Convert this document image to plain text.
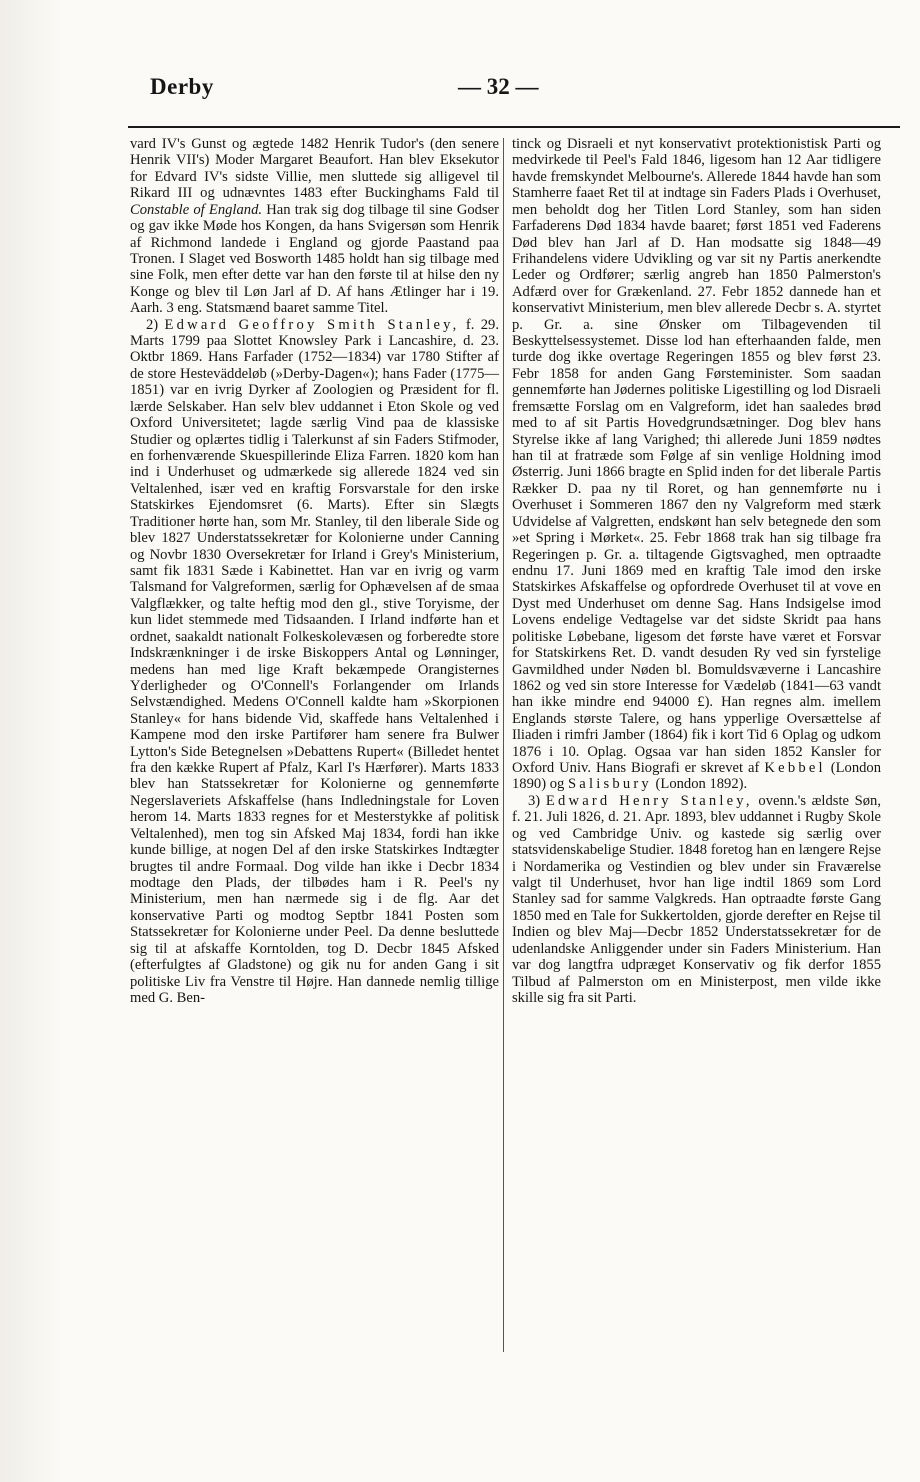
Derby	— 32 —

vard IV's Gunst og ægtede 1482 Henrik Tudor's (den senere Henrik VII's) Moder Margaret Beaufort. Han blev Eksekutor for Edvard IV's sidste Villie, men sluttede sig alligevel til Rikard III og udnævntes 1483 efter Buckinghams Fald til Constable of England. Han trak sig dog tilbage til sine Godser og gav ikke Møde hos Kongen, da hans Svigersøn som Henrik af Richmond landede i England og gjorde Paastand paa Tronen. I Slaget ved Bosworth 1485 holdt han sig tilbage med sine Folk, men efter dette var han den første til at hilse den ny Konge og blev til Løn Jarl af D. Af hans Ætlinger har i 19. Aarh. 3 eng. Statsmænd baaret samme Titel.

2) Edward Geoffroy Smith Stanley, f. 29. Marts 1799 paa Slottet Knowsley Park i Lancashire, d. 23. Oktbr 1869. Hans Farfader (1752—1834) var 1780 Stifter af de store Hesteväddeløb (»Derby-Dagen«); hans Fader (1775—1851) var en ivrig Dyrker af Zoologien og Præsident for fl. lærde Selskaber. Han selv blev uddannet i Eton Skole og ved Oxford Universitetet; lagde særlig Vind paa de klassiske Studier og oplærtes tidlig i Talerkunst af sin Faders Stifmoder, en forhenværende Skuespillerinde Eliza Farren. 1820 kom han ind i Underhuset og udmærkede sig allerede 1824 ved sin Veltalenhed, især ved en kraftig Forsvarstale for den irske Statskirkes Ejendomsret (6. Marts). Efter sin Slægts Traditioner hørte han, som Mr. Stanley, til den liberale Side og blev 1827 Understatssekretær for Kolonierne under Canning og Novbr 1830 Oversekretær for Irland i Grey's Ministerium, samt fik 1831 Sæde i Kabinettet. Han var en ivrig og varm Talsmand for Valgreformen, særlig for Ophævelsen af de smaa Valgflækker, og talte heftig mod den gl., stive Toryisme, der kun lidet stemmede med Tidsaanden. I Irland indførte han et ordnet, saakaldt nationalt Folkeskolevæsen og forberedte store Indskrænkninger i de irske Biskoppers Antal og Lønninger, medens han med lige Kraft bekæmpede Orangisternes Yderligheder og O'Connell's Forlangender om Irlands Selvstændighed. Medens O'Connell kaldte ham »Skorpionen Stanley« for hans bidende Vid, skaffede hans Veltalenhed i Kampene mod den irske Partifører ham senere fra Bulwer Lytton's Side Betegnelsen »Debattens Rupert« (Billedet hentet fra den kække Rupert af Pfalz, Karl I's Hærfører). Marts 1833 blev han Statssekretær for Kolonierne og gennemførte Negerslaveriets Afskaffelse (hans Indledningstale for Loven herom 14. Marts 1833 regnes for et Mesterstykke af politisk Veltalenhed), men tog sin Afsked Maj 1834, fordi han ikke kunde billige, at nogen Del af den irske Statskirkes Indtægter brugtes til andre Formaal. Dog vilde han ikke i Decbr 1834 modtage den Plads, der tilbødes ham i R. Peel's ny Ministerium, men han nærmede sig i de flg. Aar det konservative Parti og modtog Septbr 1841 Posten som Statssekretær for Kolonierne under Peel. Da denne besluttede sig til at afskaffe Korntolden, tog D. Decbr 1845 Afsked (efterfulgtes af Gladstone) og gik nu for anden Gang i sit politiske Liv fra Venstre til Højre. Han dannede nemlig tillige med G. Ben-

tinck og Disraeli et nyt konservativt protektionistisk Parti og medvirkede til Peel's Fald 1846, ligesom han 12 Aar tidligere havde fremskyndet Melbourne's. Allerede 1844 havde han som Stamherre faaet Ret til at indtage sin Faders Plads i Overhuset, men beholdt dog her Titlen Lord Stanley, som han siden Farfaderens Død 1834 havde baaret; først 1851 ved Faderens Død blev han Jarl af D. Han modsatte sig 1848—49 Frihandelens videre Udvikling og var sit ny Partis anerkendte Leder og Ordfører; særlig angreb han 1850 Palmerston's Adfærd over for Grækenland. 27. Febr 1852 dannede han et konservativt Ministerium, men blev allerede Decbr s. A. styrtet p. Gr. a. sine Ønsker om Tilbagevenden til Beskyttelsessystemet. Disse lod han efterhaanden falde, men turde dog ikke overtage Regeringen 1855 og blev først 23. Febr 1858 for anden Gang Førsteminister. Som saadan gennemførte han Jødernes politiske Ligestilling og lod Disraeli fremsætte Forslag om en Valgreform, idet han saaledes brød med to af sit Partis Hovedgrundsætninger. Dog blev hans Styrelse ikke af lang Varighed; thi allerede Juni 1859 nødtes han til at fratræde som Følge af sin venlige Holdning imod Østerrig. Juni 1866 bragte en Splid inden for det liberale Partis Rækker D. paa ny til Roret, og han gennemførte nu i Overhuset i Sommeren 1867 den ny Valgreform med stærk Udvidelse af Valgretten, endskønt han selv betegnede den som »et Spring i Mørket«. 25. Febr 1868 trak han sig tilbage fra Regeringen p. Gr. a. tiltagende Gigtsvaghed, men optraadte endnu 17. Juni 1869 med en kraftig Tale imod den irske Statskirkes Afskaffelse og opfordrede Overhuset til at vove en Dyst med Underhuset om denne Sag. Hans Indsigelse imod Lovens endelige Vedtagelse var det sidste Skridt paa hans politiske Løbebane, ligesom det første have været et Forsvar for Statskirkens Ret. D. vandt desuden Ry ved sin fyrstelige Gavmildhed under Nøden bl. Bomuldsvæverne i Lancashire 1862 og ved sin store Interesse for Vædeløb (1841—63 vandt han ikke mindre end 94000 £). Han regnes alm. imellem Englands største Talere, og hans ypperlige Oversættelse af Iliaden i rimfri Jamber (1864) fik i kort Tid 6 Oplag og udkom 1876 i 10. Oplag. Ogsaa var han siden 1852 Kansler for Oxford Univ. Hans Biografi er skrevet af Kebbel (London 1890) og Salisbury (London 1892).

3) Edward Henry Stanley, ovenn.'s ældste Søn, f. 21. Juli 1826, d. 21. Apr. 1893, blev uddannet i Rugby Skole og ved Cambridge Univ. og kastede sig særlig over statsvidenskabelige Studier. 1848 foretog han en længere Rejse i Nordamerika og Vestindien og blev under sin Fraværelse valgt til Underhuset, hvor han lige indtil 1869 som Lord Stanley sad for samme Valgkreds. Han optraadte første Gang 1850 med en Tale for Sukkertolden, gjorde derefter en Rejse til Indien og blev Maj—Decbr 1852 Understatssekretær for de udenlandske Anliggender under sin Faders Ministerium. Han var dog langtfra udpræget Konservativ og fik derfor 1855 Tilbud af Palmerston om en Ministerpost, men vilde ikke skille sig fra sit Parti.
